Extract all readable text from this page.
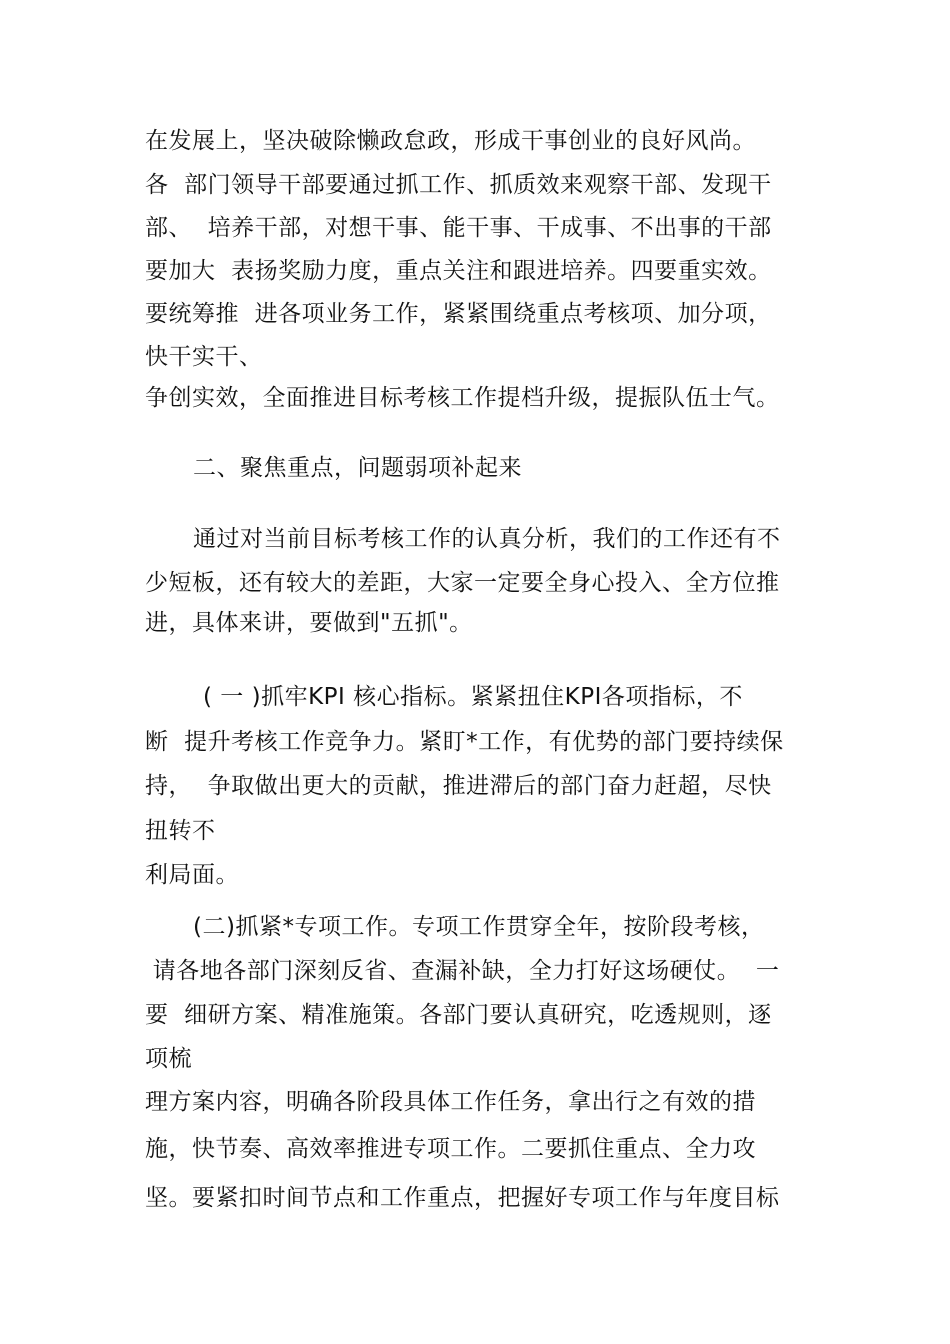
在发展上，坚决破除懒政怠政，形成干事创业的良好风尚。
各  部门领导干部要通过抓工作、抓质效来观察干部、发现干
部、  培养干部，对想干事、能干事、干成事、不出事的干部
要加大  表扬奖励力度，重点关注和跟进培养。四要重实效。
要统筹推  进各项业务工作，紧紧围绕重点考核项、加分项，
快干实干、
争创实效，全面推进目标考核工作提档升级，提振队伍士气。
二、聚焦重点，问题弱项补起来
通过对当前目标考核工作的认真分析，我们的工作还有不
少短板，还有较大的差距，大家一定要全身心投入、全方位推
进，具体来讲，要做到"五抓"。
( 一 )抓牢KPI 核心指标。紧紧扭住KPI各项指标，不
断  提升考核工作竞争力。紧盯*工作，有优势的部门要持续保
持，  争取做出更大的贡献，推进滞后的部门奋力赶超，尽快
扭转不
利局面。
(二)抓紧*专项工作。专项工作贯穿全年，按阶段考核，
请各地各部门深刻反省、查漏补缺，全力打好这场硬仗。  一
要  细研方案、精准施策。各部门要认真研究，吃透规则，逐
项梳
理方案内容，明确各阶段具体工作任务，拿出行之有效的措
施，快节奏、高效率推进专项工作。二要抓住重点、全力攻
坚。要紧扣时间节点和工作重点，把握好专项工作与年度目标
